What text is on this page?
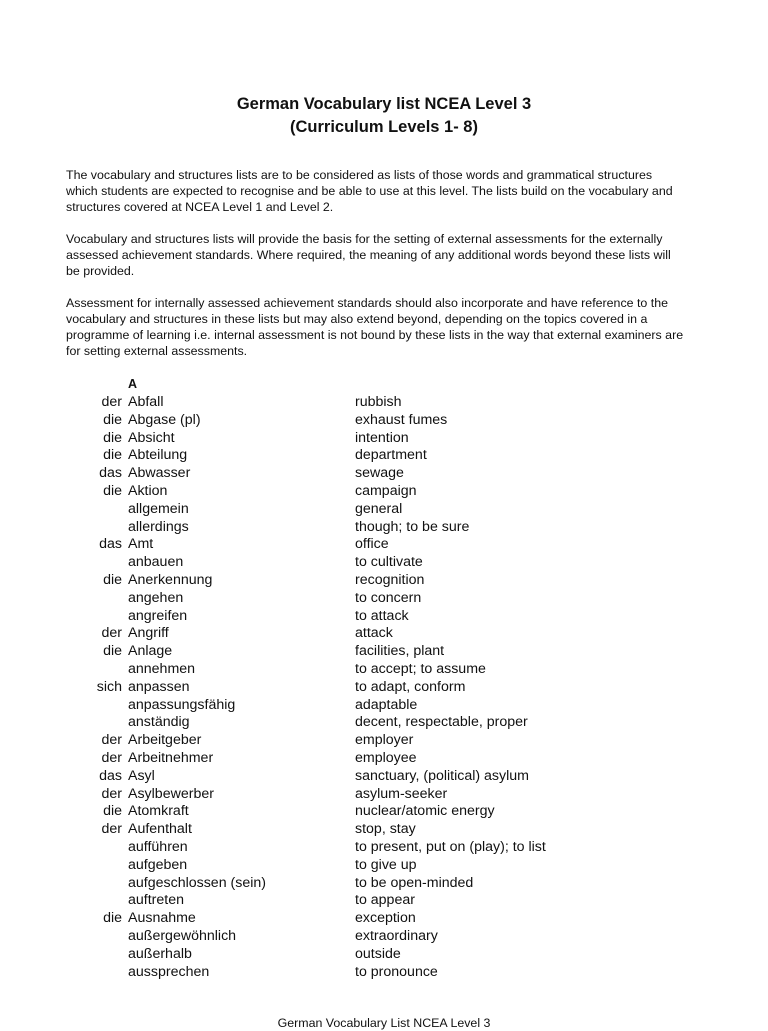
German Vocabulary list NCEA Level 3
(Curriculum Levels 1- 8)
The vocabulary and structures lists are to be considered as lists of those words and grammatical structures
which students are expected to recognise and be able to use at this level. The lists build on the vocabulary and
structures covered at NCEA Level 1 and Level 2.
Vocabulary and structures lists will provide the basis for the setting of external assessments for the externally
assessed achievement standards. Where required, the meaning of any additional words beyond these lists will
be provided.
Assessment for internally assessed achievement standards should also incorporate and have reference to the
vocabulary and structures in these lists but may also extend beyond, depending on the topics covered in a
programme of learning i.e. internal assessment is not bound by these lists in the way that external examiners are
for setting external assessments.
A
der Abfall	rubbish
die Abgase (pl)	exhaust fumes
die Absicht	intention
die Abteilung	department
das Abwasser	sewage
die Aktion	campaign
allgemein	general
allerdings	though; to be sure
das Amt	office
anbauen	to cultivate
die Anerkennung	recognition
angehen	to concern
angreifen	to attack
der Angriff	attack
die Anlage	facilities, plant
annehmen	to accept; to assume
sich anpassen	to adapt, conform
anpassungsfähig	adaptable
anständig	decent, respectable, proper
der Arbeitgeber	employer
der Arbeitnehmer	employee
das Asyl	sanctuary, (political) asylum
der Asylbewerber	asylum-seeker
die Atomkraft	nuclear/atomic energy
der Aufenthalt	stop, stay
aufführen	to present, put on (play); to list
aufgeben	to give up
aufgeschlossen (sein)	to be open-minded
auftreten	to appear
die Ausnahme	exception
außergewöhnlich	extraordinary
außerhalb	outside
aussprechen	to pronounce
German Vocabulary List NCEA Level 3
